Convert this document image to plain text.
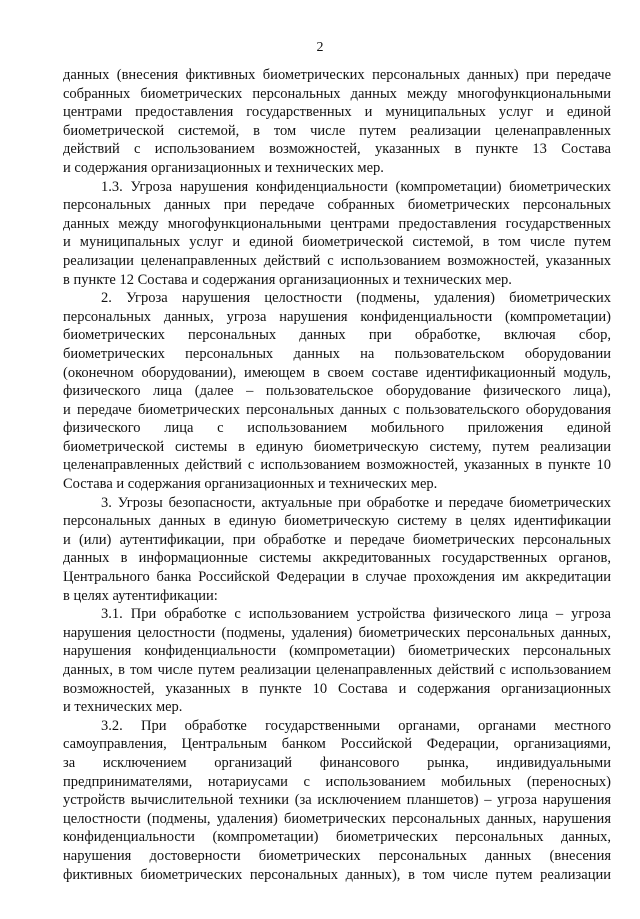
2
данных (внесения фиктивных биометрических персональных данных) при передаче
собранных биометрических персональных данных между многофункциональными
центрами предоставления государственных и муниципальных услуг и единой
биометрической системой, в том числе путем реализации целенаправленных
действий с использованием возможностей, указанных в пункте 13 Состава
и содержания организационных и технических мер.
1.3. Угроза нарушения конфиденциальности (компрометации) биометрических
персональных данных при передаче собранных биометрических персональных
данных между многофункциональными центрами предоставления государственных
и муниципальных услуг и единой биометрической системой, в том числе путем
реализации целенаправленных действий с использованием возможностей, указанных
в пункте 12 Состава и содержания организационных и технических мер.
2. Угроза нарушения целостности (подмены, удаления) биометрических
персональных данных, угроза нарушения конфиденциальности (компрометации)
биометрических персональных данных при обработке, включая сбор,
биометрических персональных данных на пользовательском оборудовании
(оконечном оборудовании), имеющем в своем составе идентификационный модуль,
физического лица (далее – пользовательское оборудование физического лица),
и передаче биометрических персональных данных с пользовательского оборудования
физического лица с использованием мобильного приложения единой
биометрической системы в единую биометрическую систему, путем реализации
целенаправленных действий с использованием возможностей, указанных в пункте 10
Состава и содержания организационных и технических мер.
3. Угрозы безопасности, актуальные при обработке и передаче биометрических
персональных данных в единую биометрическую систему в целях идентификации
и (или) аутентификации, при обработке и передаче биометрических персональных
данных в информационные системы аккредитованных государственных органов,
Центрального банка Российской Федерации в случае прохождения им аккредитации
в целях аутентификации:
3.1. При обработке с использованием устройства физического лица – угроза
нарушения целостности (подмены, удаления) биометрических персональных данных,
нарушения конфиденциальности (компрометации) биометрических персональных
данных, в том числе путем реализации целенаправленных действий с использованием
возможностей, указанных в пункте 10 Состава и содержания организационных
и технических мер.
3.2. При обработке государственными органами, органами местного
самоуправления, Центральным банком Российской Федерации, организациями,
за исключением организаций финансового рынка, индивидуальными
предпринимателями, нотариусами с использованием мобильных (переносных)
устройств вычислительной техники (за исключением планшетов) – угроза нарушения
целостности (подмены, удаления) биометрических персональных данных, нарушения
конфиденциальности (компрометации) биометрических персональных данных,
нарушения достоверности биометрических персональных данных (внесения
фиктивных биометрических персональных данных), в том числе путем реализации
